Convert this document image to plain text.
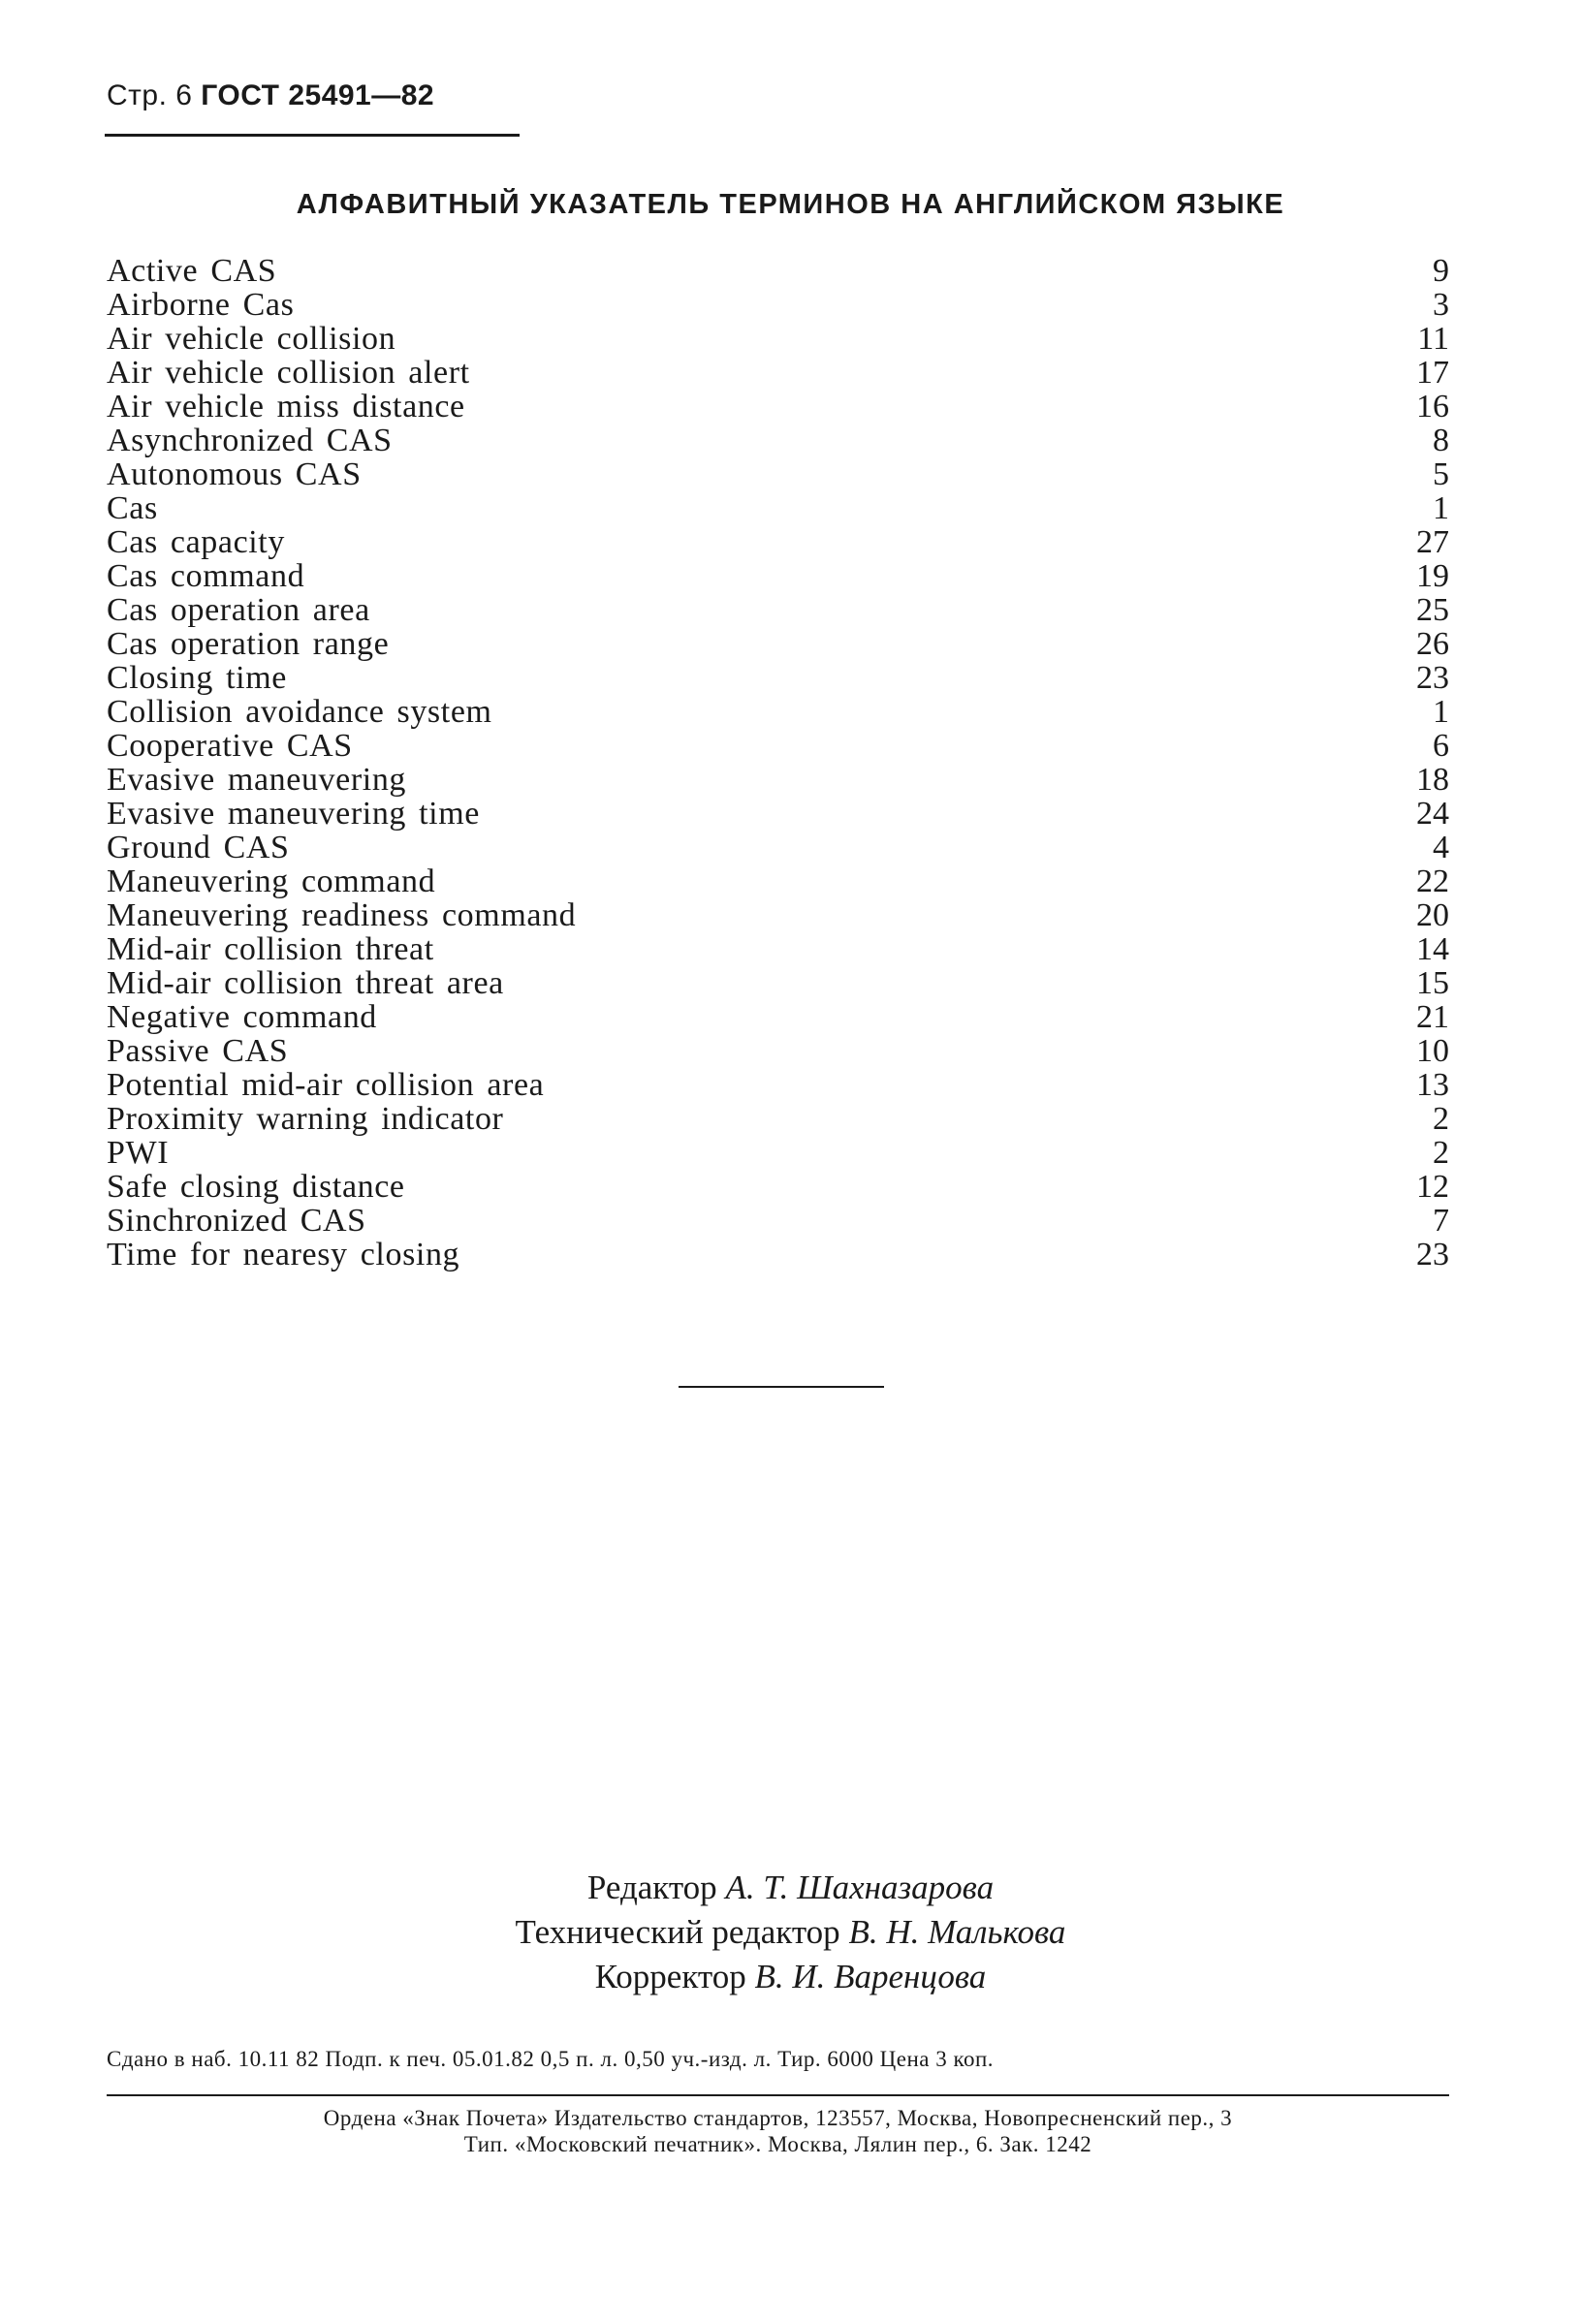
Стр. 6 ГОСТ 25491—82
АЛФАВИТНЫЙ УКАЗАТЕЛЬ ТЕРМИНОВ НА АНГЛИЙСКОМ ЯЗЫКЕ
Active CAS	9
Airborne Cas	3
Air vehicle collision	11
Air vehicle collision alert	17
Air vehicle miss distance	16
Asynchronized CAS	8
Autonomous CAS	5
Cas	1
Cas capacity	27
Cas command	19
Cas operation area	25
Cas operation range	26
Closing time	23
Collision avoidance system	1
Cooperative CAS	6
Evasive maneuvering	18
Evasive maneuvering time	24
Ground CAS	4
Maneuvering command	22
Maneuvering readiness command	20
Mid-air collision threat	14
Mid-air collision threat area	15
Negative command	21
Passive CAS	10
Potential mid-air collision area	13
Proximity warning indicator	2
PWI	2
Safe closing distance	12
Sinchronized CAS	7
Time for nearesy closing	23
Редактор А. Т. Шахназарова
Технический редактор В. Н. Малькова
Корректор В. И. Варенцова
Сдано в наб. 10.11 82 Подп. к печ. 05.01.82 0,5 п. л. 0,50 уч.-изд. л. Тир. 6000 Цена 3 коп.
Ордена «Знак Почета» Издательство стандартов, 123557, Москва, Новопресненский пер., 3
Тип. «Московский печатник». Москва, Лялин пер., 6. Зак. 1242
